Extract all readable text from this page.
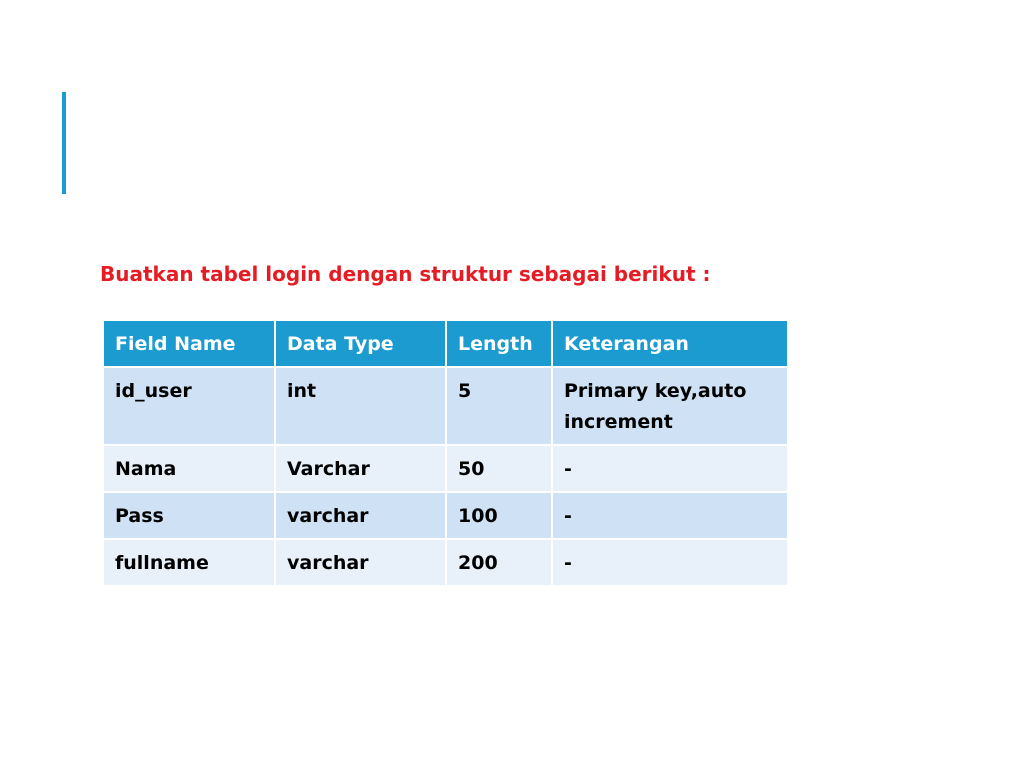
Buatkan tabel login dengan struktur sebagai berikut :
Field Name	Data Type	Length	Keterangan
id_user	int	5	Primary key,auto increment
Nama	Varchar	50	-
Pass	varchar	100	-
fullname	varchar	200	-
